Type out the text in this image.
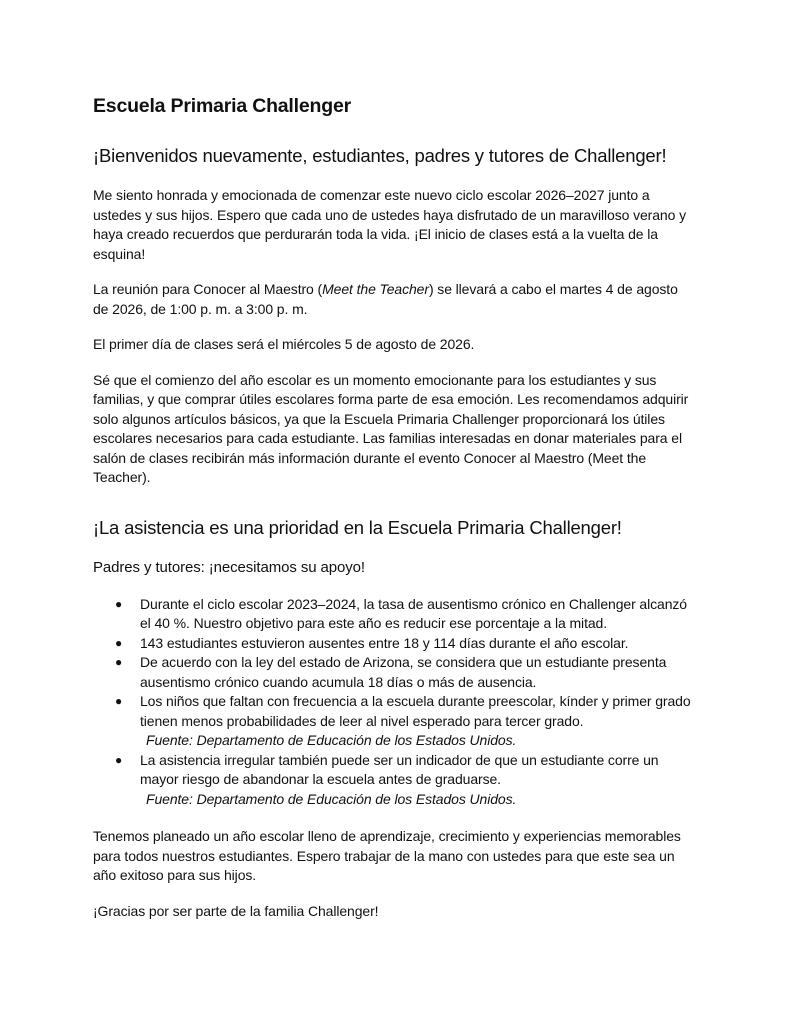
Escuela Primaria Challenger
¡Bienvenidos nuevamente, estudiantes, padres y tutores de Challenger!

Me siento honrada y emocionada de comenzar este nuevo ciclo escolar 2026–2027 junto a ustedes y sus hijos. Espero que cada uno de ustedes haya disfrutado de un maravilloso verano y haya creado recuerdos que perdurarán toda la vida. ¡El inicio de clases está a la vuelta de la esquina!

La reunión para Conocer al Maestro (Meet the Teacher) se llevará a cabo el martes 4 de agosto de 2026, de 1:00 p. m. a 3:00 p. m.

El primer día de clases será el miércoles 5 de agosto de 2026.

Sé que el comienzo del año escolar es un momento emocionante para los estudiantes y sus familias, y que comprar útiles escolares forma parte de esa emoción. Les recomendamos adquirir solo algunos artículos básicos, ya que la Escuela Primaria Challenger proporcionará los útiles escolares necesarios para cada estudiante. Las familias interesadas en donar materiales para el salón de clases recibirán más información durante el evento Conocer al Maestro (Meet the Teacher).

¡La asistencia es una prioridad en la Escuela Primaria Challenger!

Padres y tutores: ¡necesitamos su apoyo!

● Durante el ciclo escolar 2023–2024, la tasa de ausentismo crónico en Challenger alcanzó el 40 %. Nuestro objetivo para este año es reducir ese porcentaje a la mitad.
● 143 estudiantes estuvieron ausentes entre 18 y 114 días durante el año escolar.
● De acuerdo con la ley del estado de Arizona, se considera que un estudiante presenta ausentismo crónico cuando acumula 18 días o más de ausencia.
● Los niños que faltan con frecuencia a la escuela durante preescolar, kínder y primer grado tienen menos probabilidades de leer al nivel esperado para tercer grado.
Fuente: Departamento de Educación de los Estados Unidos.
● La asistencia irregular también puede ser un indicador de que un estudiante corre un mayor riesgo de abandonar la escuela antes de graduarse.
Fuente: Departamento de Educación de los Estados Unidos.

Tenemos planeado un año escolar lleno de aprendizaje, crecimiento y experiencias memorables para todos nuestros estudiantes. Espero trabajar de la mano con ustedes para que este sea un año exitoso para sus hijos.

¡Gracias por ser parte de la familia Challenger!
